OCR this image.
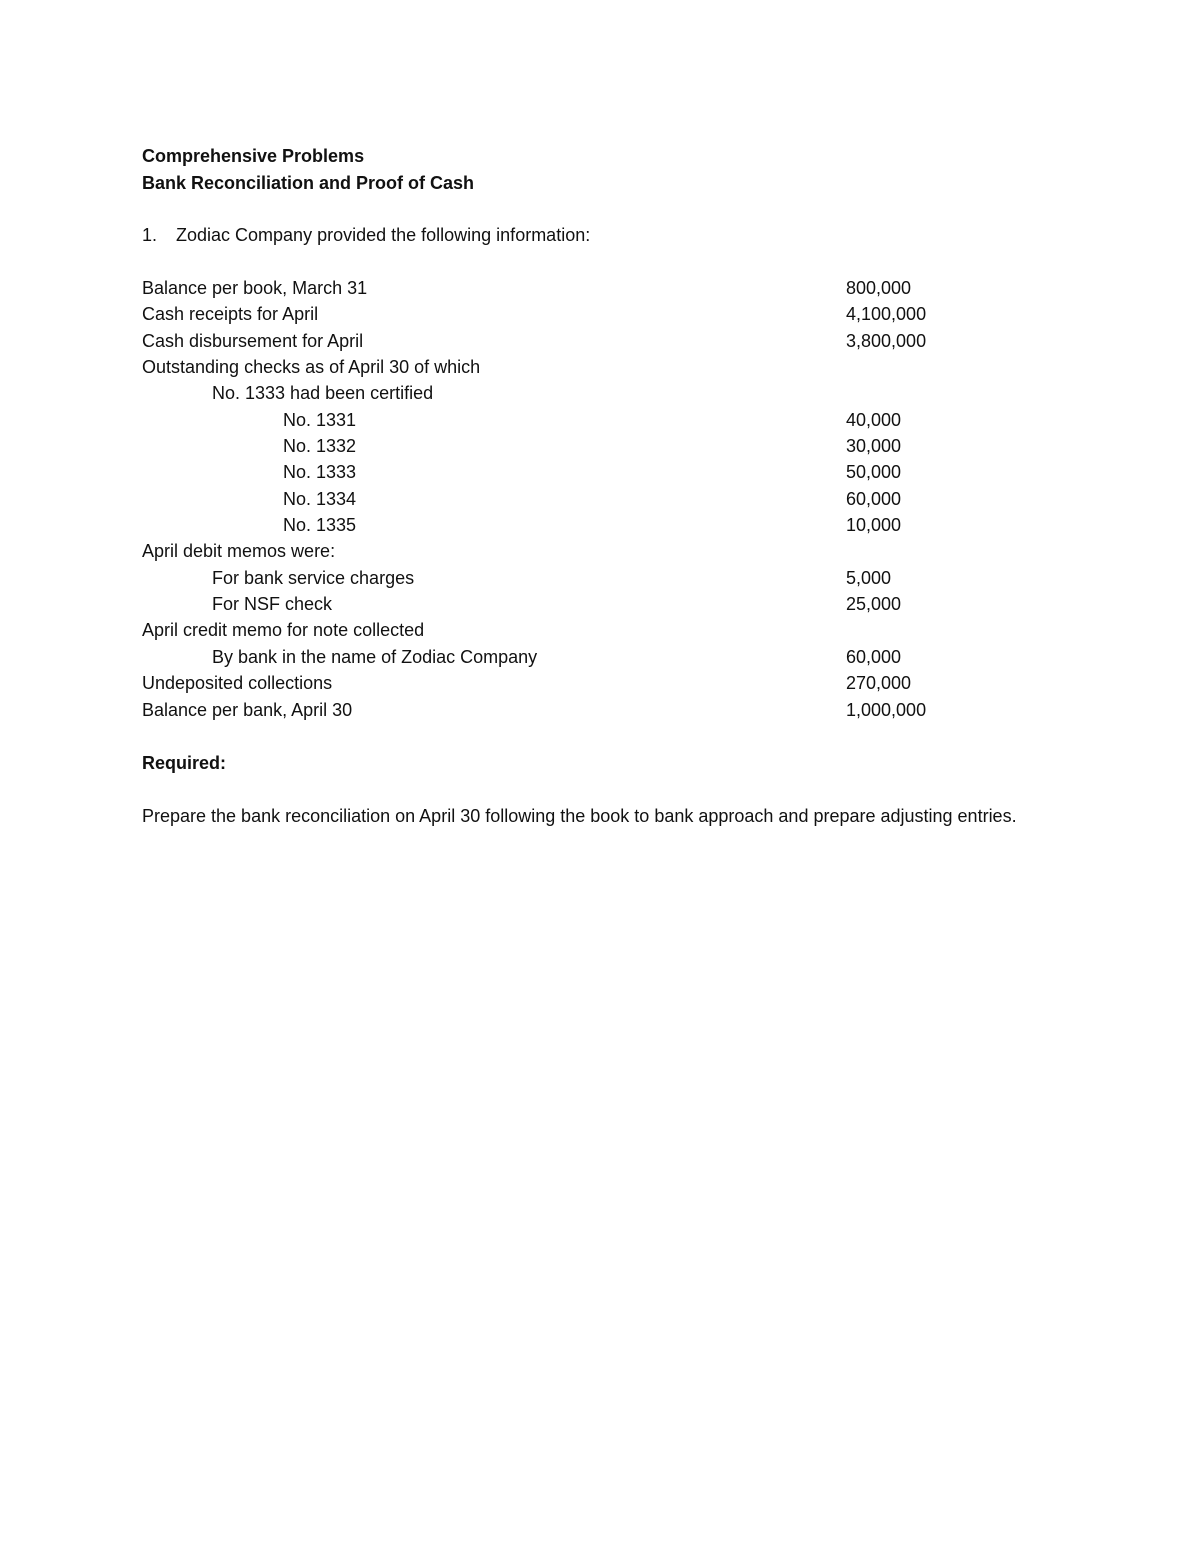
Comprehensive Problems
Bank Reconciliation and Proof of Cash
1. Zodiac Company provided the following information:
Balance per book, March 31	800,000
Cash receipts for April	4,100,000
Cash disbursement for April	3,800,000
Outstanding checks as of April 30 of which
No. 1333 had been certified
No. 1331	40,000
No. 1332	30,000
No. 1333	50,000
No. 1334	60,000
No. 1335	10,000
April debit memos were:
For bank service charges	5,000
For NSF check	25,000
April credit memo for note collected
By bank in the name of Zodiac Company	60,000
Undeposited collections	270,000
Balance per bank, April 30	1,000,000
Required:
Prepare the bank reconciliation on April 30 following the book to bank approach and prepare adjusting entries.
